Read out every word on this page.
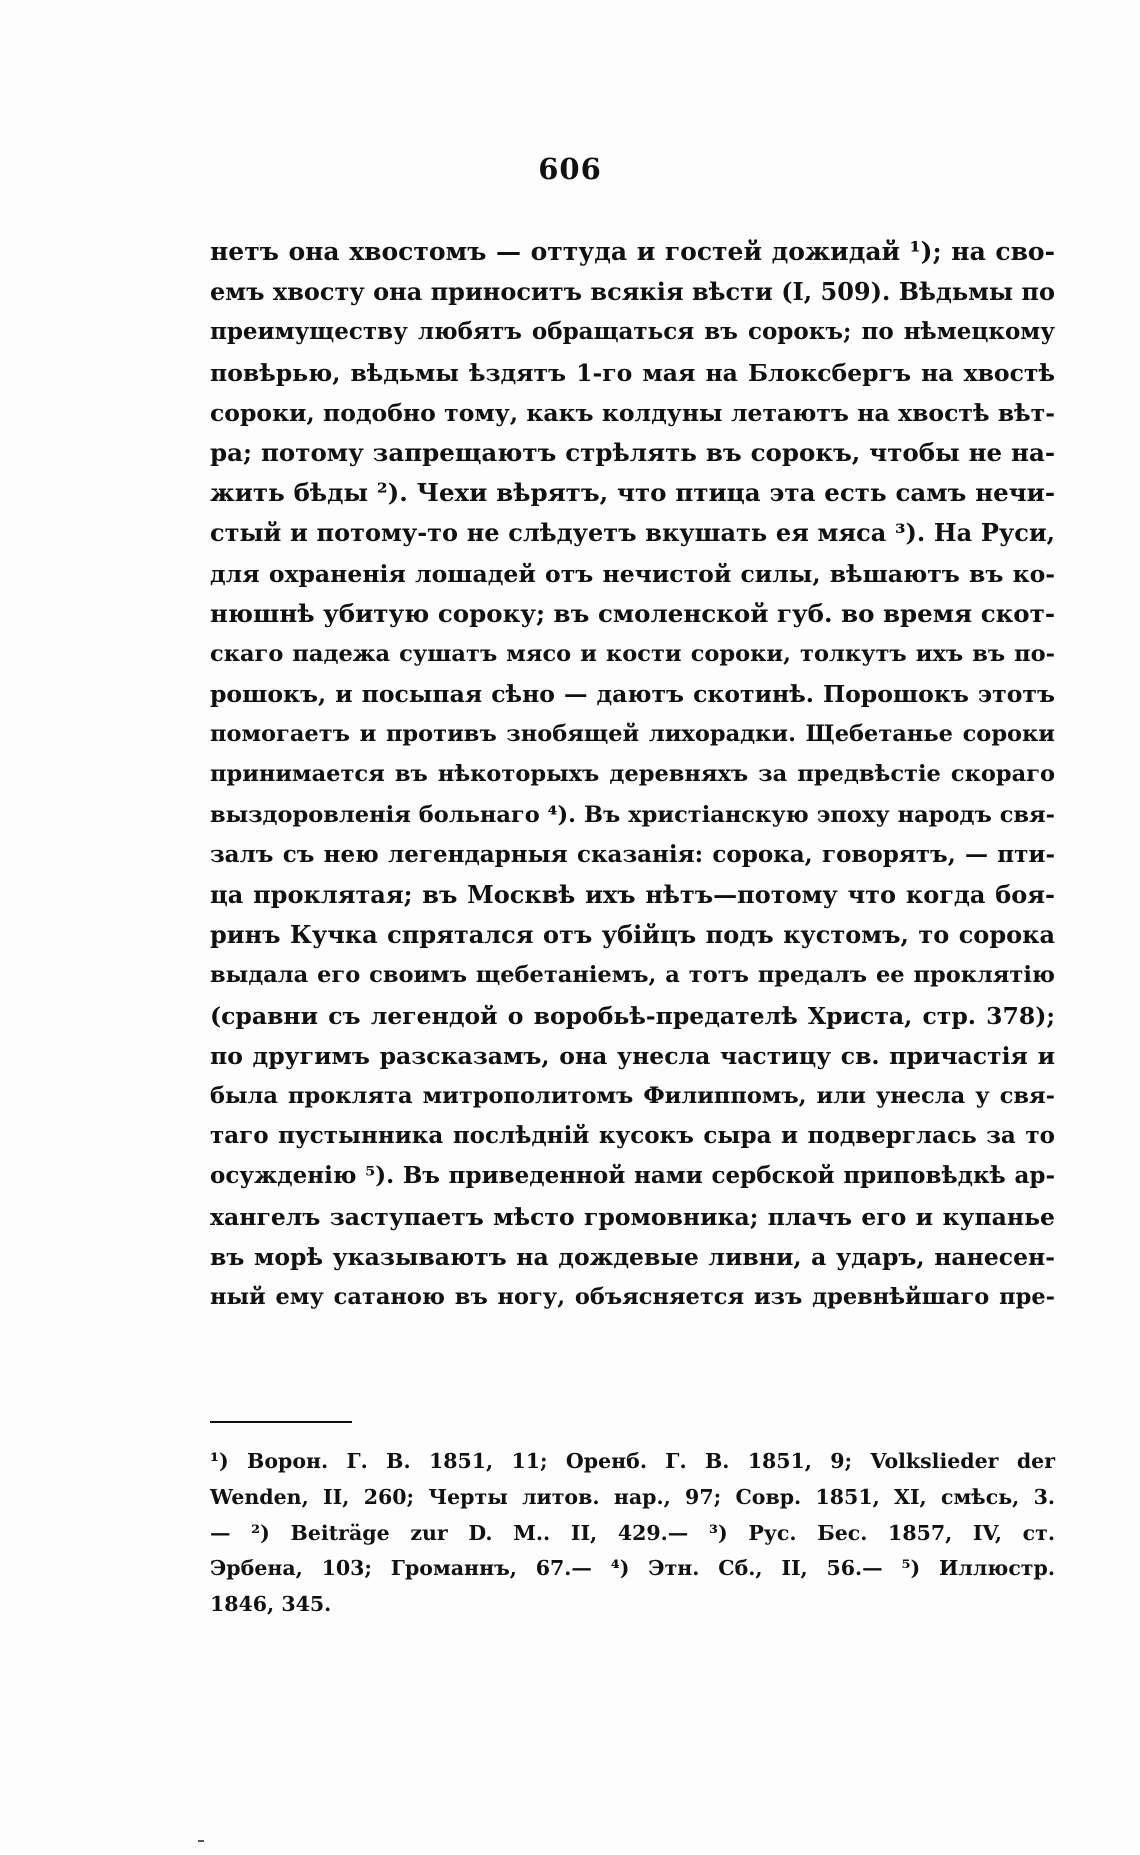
606
нетъ она хвостомъ — оттуда и гостей дожидай ¹); на сво-
емъ хвосту она приноситъ всякія вѣсти (I, 509). Вѣдьмы по
преимуществу любятъ обращаться въ сорокъ; по нѣмецкому
повѣрью, вѣдьмы ѣздятъ 1-го мая на Блоксбергъ на хвостѣ
сороки, подобно тому, какъ колдуны летаютъ на хвостѣ вѣт-
ра; потому запрещаютъ стрѣлять въ сорокъ, чтобы не на-
жить бѣды ²). Чехи вѣрятъ, что птица эта есть самъ нечи-
стый и потому-то не слѣдуетъ вкушать ея мяса ³). На Руси,
для охраненія лошадей отъ нечистой силы, вѣшаютъ въ ко-
нюшнѣ убитую сороку; въ смоленской губ. во время скот-
скаго падежа сушатъ мясо и кости сороки, толкутъ ихъ въ по-
рошокъ, и посыпая сѣно — даютъ скотинѣ. Порошокъ этотъ
помогаетъ и противъ знобящей лихорадки. Щебетанье сороки
принимается въ нѣкоторыхъ деревняхъ за предвѣстіе скораго
выздоровленія больнаго ⁴). Въ христіанскую эпоху народъ свя-
залъ съ нею легендарныя сказанія: сорока, говорятъ, — пти-
ца проклятая; въ Москвѣ ихъ нѣтъ—потому что когда боя-
ринъ Кучка спрятался отъ убійцъ подъ кустомъ, то сорока
выдала его своимъ щебетаніемъ, а тотъ предалъ ее проклятію
(сравни съ легендой о воробьѣ-предателѣ Христа, стр. 378);
по другимъ разсказамъ, она унесла частицу св. причастія и
была проклята митрополитомъ Филиппомъ, или унесла у свя-
таго пустынника послѣдній кусокъ сыра и подверглась за то
осужденію ⁵). Въ приведенной нами сербской приповѣдкѣ ар-
хангелъ заступаетъ мѣсто громовника; плачъ его и купанье
въ морѣ указываютъ на дождевые ливни, а ударъ, нанесен-
ный ему сатаною въ ногу, объясняется изъ древнѣйшаго пре-
¹) Ворон. Г. В. 1851, 11; Оренб. Г. В. 1851, 9; Volkslieder der
Wenden, II, 260; Черты литов. нар., 97; Совр. 1851, XI, смѣсь, 3.
— ²) Beiträge zur D. M.. II, 429.— ³) Рус. Бес. 1857, IV, ст.
Эрбена, 103; Громаннъ, 67.— ⁴) Этн. Сб., II, 56.— ⁵) Иллюстр.
1846, 345.
